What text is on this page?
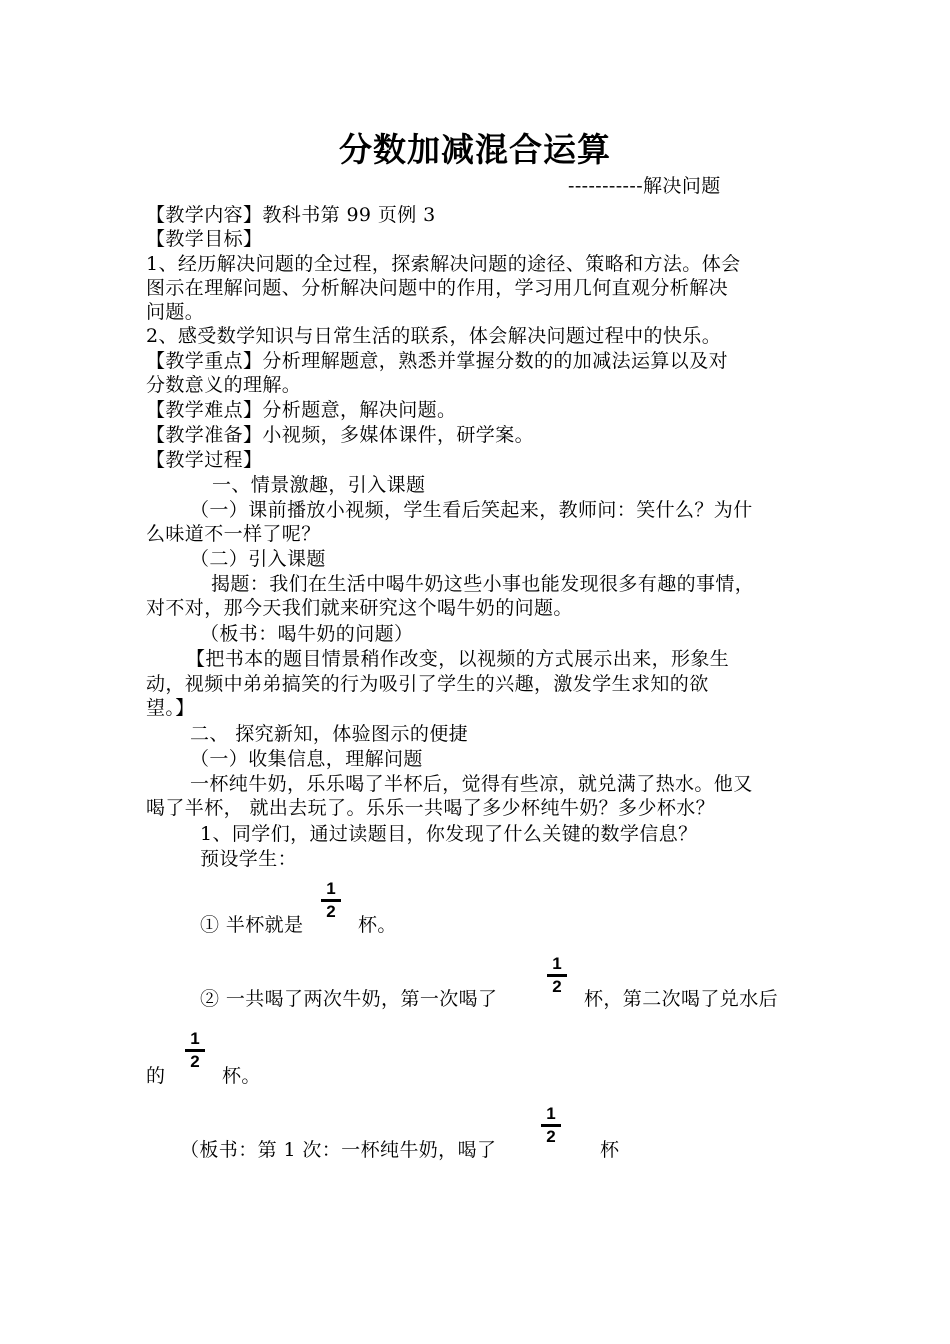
分数加减混合运算
-----------解决问题
【教学内容】教科书第 99 页例 3
【教学目标】
1、经历解决问题的全过程，探索解决问题的途径、策略和方法。体会
图示在理解问题、分析解决问题中的作用，学习用几何直观分析解决
问题。
2、感受数学知识与日常生活的联系，体会解决问题过程中的快乐。
【教学重点】分析理解题意，熟悉并掌握分数的的加减法运算以及对
分数意义的理解。
【教学难点】分析题意，解决问题。
【教学准备】小视频，多媒体课件，研学案。
【教学过程】
一、情景激趣，引入课题
（一）课前播放小视频，学生看后笑起来，教师问：笑什么？为什
么味道不一样了呢？
（二）引入课题
揭题：我们在生活中喝牛奶这些小事也能发现很多有趣的事情，
对不对，那今天我们就来研究这个喝牛奶的问题。
（板书：喝牛奶的问题）
【把书本的题目情景稍作改变，以视频的方式展示出来，形象生
动，视频中弟弟搞笑的行为吸引了学生的兴趣，激发学生求知的欲
望。】
二、 探究新知，体验图示的便捷
（一）收集信息，理解问题
一杯纯牛奶，乐乐喝了半杯后，觉得有些凉，就兑满了热水。他又
喝了半杯， 就出去玩了。乐乐一共喝了多少杯纯牛奶？多少杯水？
1、同学们，通过读题目，你发现了什么关键的数学信息？
预设学生：
① 半杯就是
1
2
杯。
② 一共喝了两次牛奶，第一次喝了
1
2
杯，第二次喝了兑水后
的
1
2
杯。
（板书：第 1 次：一杯纯牛奶，喝了
1
2
杯
